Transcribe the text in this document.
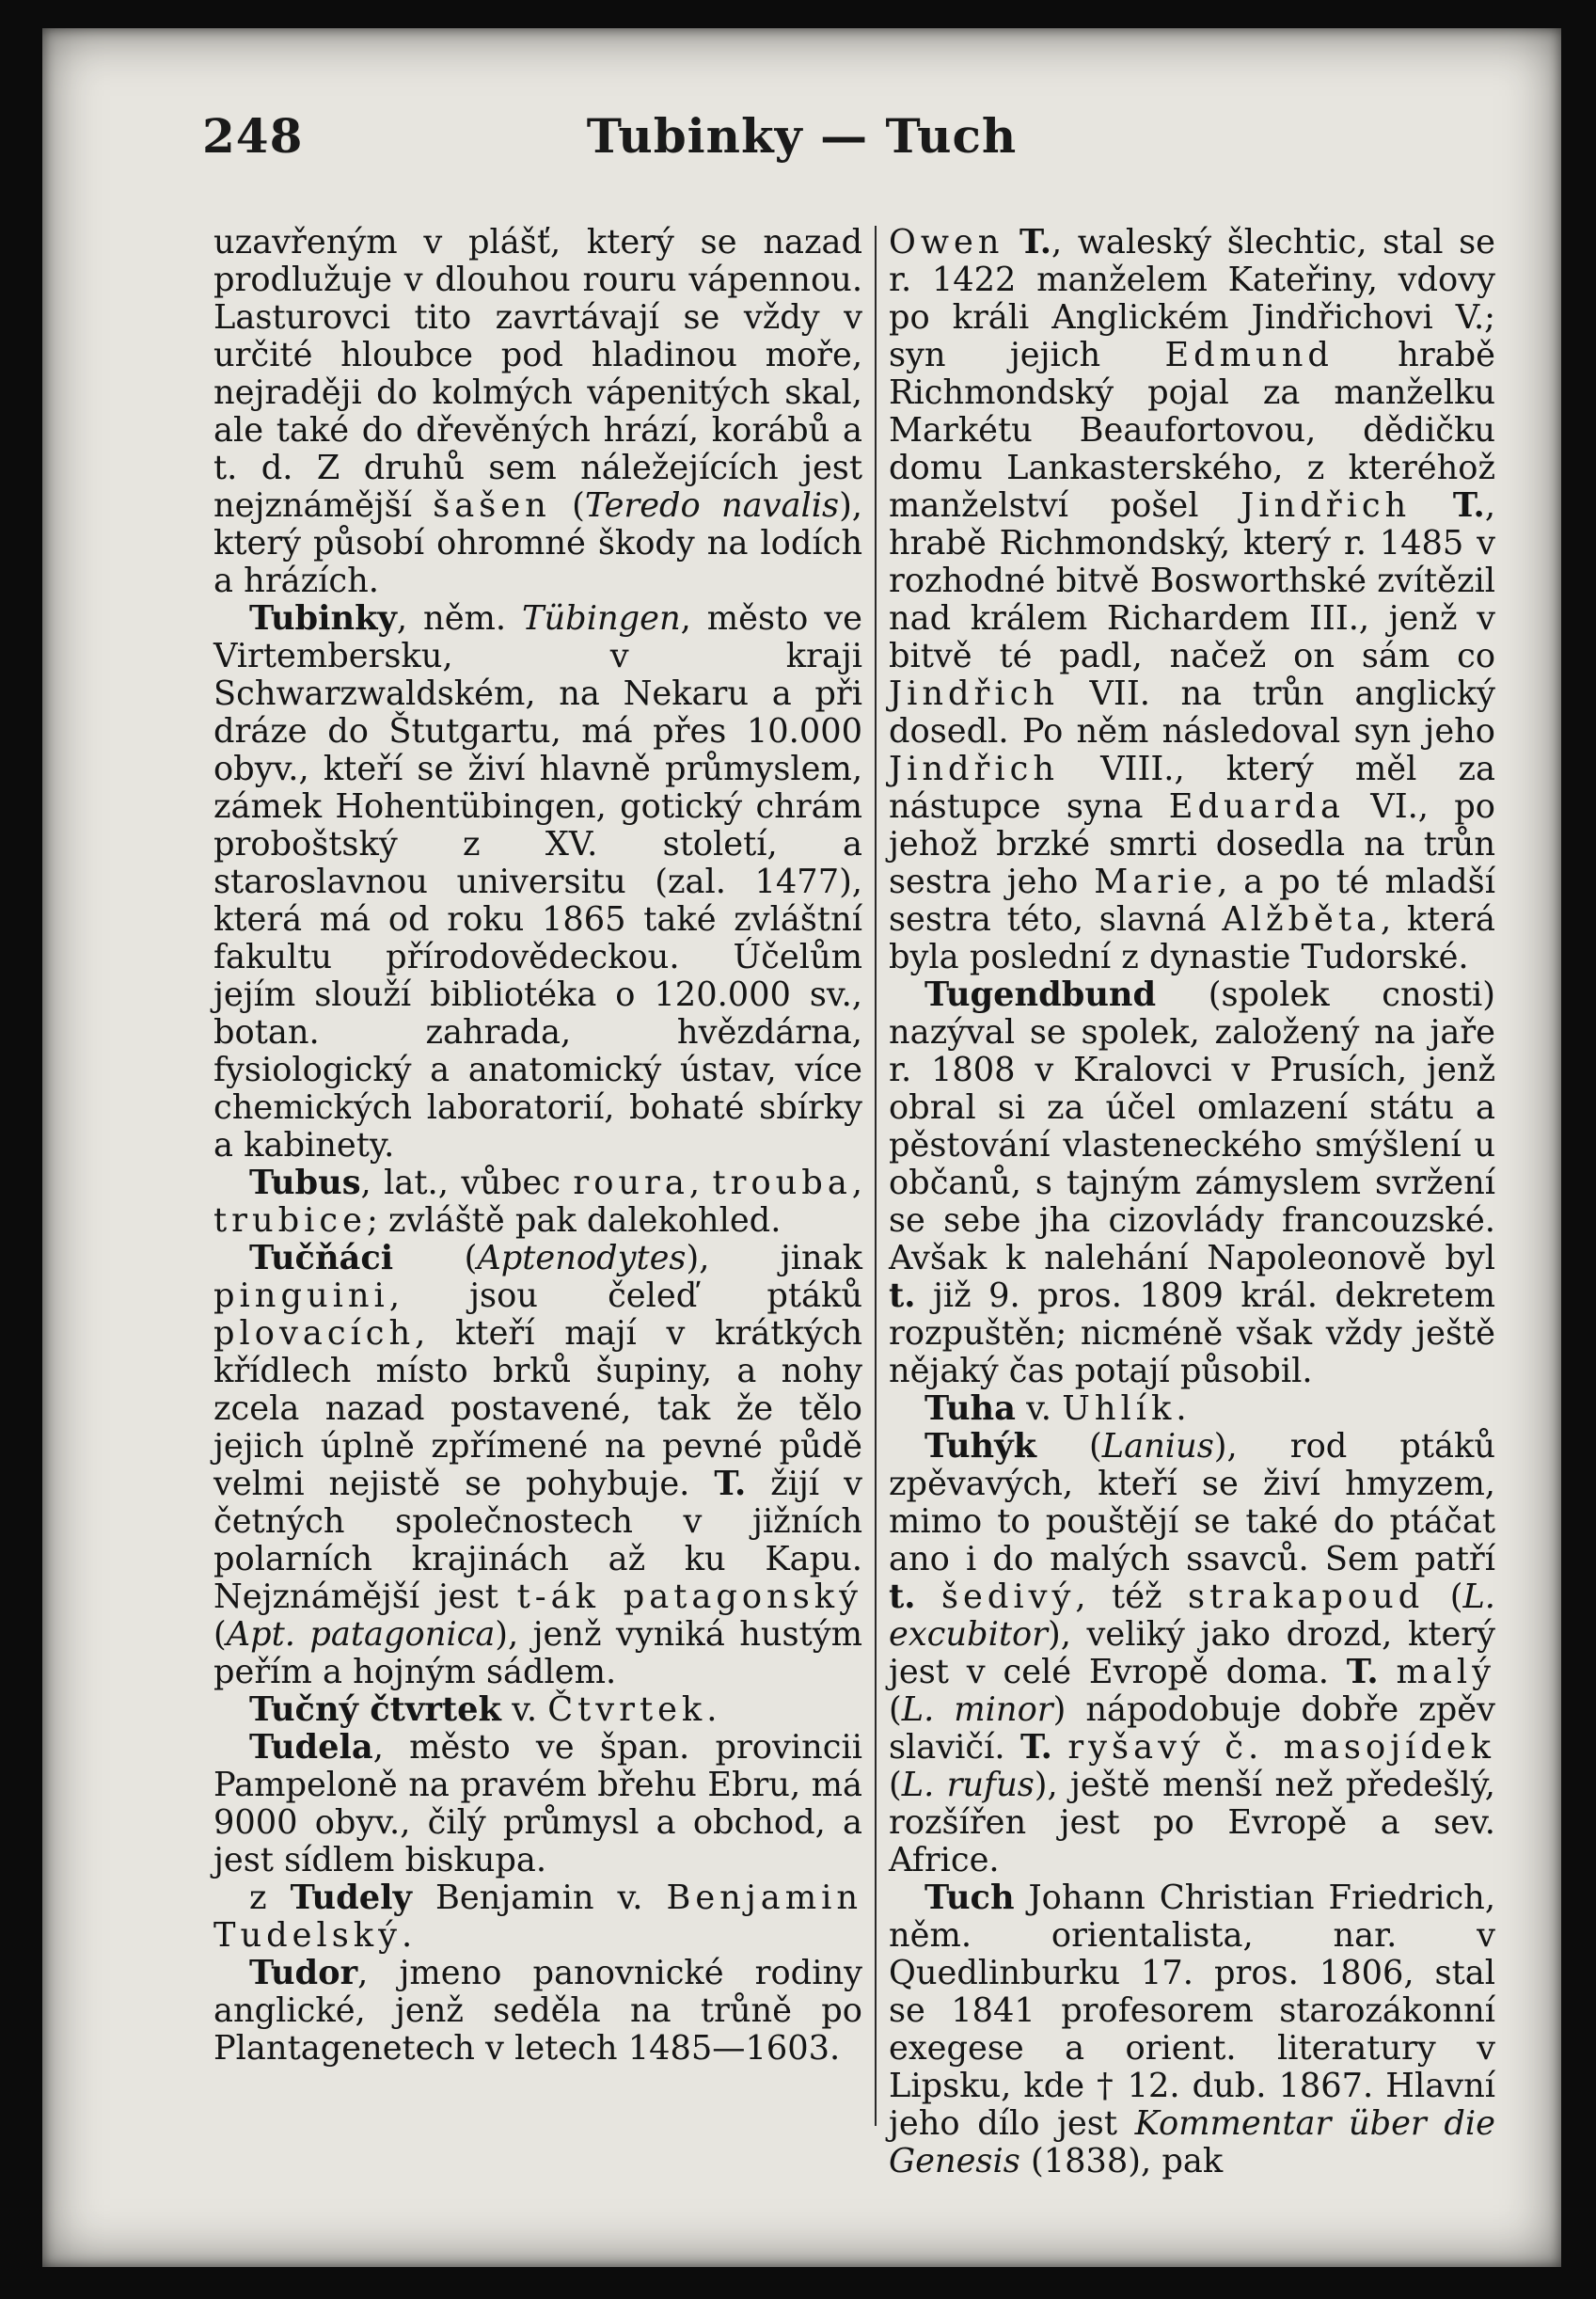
248	Tubinky — Tuch

uzavřeným v plášť, který se nazad prodlužuje v dlouhou rouru vápennou. Lasturovci tito zavrtávají se vždy v určité hloubce pod hladinou moře, nejraději do kolmých vápenitých skal, ale také do dřevěných hrází, korábů a t. d. Z druhů sem náležejících jest nejznámější šašen (Teredo navalis), který působí ohromné škody na lodích a hrázích.

Tubinky, něm. Tübingen, město ve Virtembersku, v kraji Schwarzwaldském, na Nekaru a při dráze do Štutgartu, má přes 10.000 obyv., kteří se živí hlavně průmyslem, zámek Hohentübingen, gotický chrám proboštský z XV. století, a staroslavnou universitu (zal. 1477), která má od roku 1865 také zvláštní fakultu přírodovědeckou. Účelům jejím slouží bibliotéka o 120.000 sv., botan. zahrada, hvězdárna, fysiologický a anatomický ústav, více chemických laboratorií, bohaté sbírky a kabinety.

Tubus, lat., vůbec roura, trouba, trubice; zvláště pak dalekohled.

Tučňáci (Aptenodytes), jinak pinguini, jsou čeleď ptáků plovacích, kteří mají v krátkých křídlech místo brků šupiny, a nohy zcela nazad postavené, tak že tělo jejich úplně zpřímené na pevné půdě velmi nejistě se pohybuje. T. žijí v četných společnostech v jižních polarních krajinách až ku Kapu. Nejznámější jest t-ák patagonský (Apt. patagonica), jenž vyniká hustým peřím a hojným sádlem.

Tučný čtvrtek v. Čtvrtek.

Tudela, město ve špan. provincii Pampeloně na pravém břehu Ebru, má 9000 obyv., čilý průmysl a obchod, a jest sídlem biskupa.

z Tudely Benjamin v. Benjamin Tudelský.

Tudor, jmeno panovnické rodiny anglické, jenž seděla na trůně po Plantagenetech v letech 1485—1603.

Owen T., waleský šlechtic, stal se r. 1422 manželem Kateřiny, vdovy po králi Anglickém Jindřichovi V.; syn jejich Edmund hrabě Richmondský pojal za manželku Markétu Beaufortovou, dědičku domu Lankasterského, z kteréhož manželství pošel Jindřich T., hrabě Richmondský, který r. 1485 v rozhodné bitvě Bosworthské zvítězil nad králem Richardem III., jenž v bitvě té padl, načež on sám co Jindřich VII. na trůn anglický dosedl. Po něm následoval syn jeho Jindřich VIII., který měl za nástupce syna Eduarda VI., po jehož brzké smrti dosedla na trůn sestra jeho Marie, a po té mladší sestra této, slavná Alžběta, která byla poslední z dynastie Tudorské.

Tugendbund (spolek cnosti) nazýval se spolek, založený na jaře r. 1808 v Kralovci v Prusích, jenž obral si za účel omlazení státu a pěstování vlasteneckého smýšlení u občanů, s tajným zámyslem svržení se sebe jha cizovlády francouzské. Avšak k nalehání Napoleonově byl t. již 9. pros. 1809 král. dekretem rozpuštěn; nicméně však vždy ještě nějaký čas potají působil.

Tuha v. Uhlík.

Tuhýk (Lanius), rod ptáků zpěvavých, kteří se živí hmyzem, mimo to pouštějí se také do ptáčat ano i do malých ssavců. Sem patří t. šedivý, též strakapoud (L. excubitor), veliký jako drozd, který jest v celé Evropě doma. T. malý (L. minor) nápodobuje dobře zpěv slavičí. T. ryšavý č. masojídek (L. rufus), ještě menší než předešlý, rozšířen jest po Evropě a sev. Africe.

Tuch Johann Christian Friedrich, něm. orientalista, nar. v Quedlinburku 17. pros. 1806, stal se 1841 profesorem starozákonní exegese a orient. literatury v Lipsku, kde † 12. dub. 1867. Hlavní jeho dílo jest Kommentar über die Genesis (1838), pak
